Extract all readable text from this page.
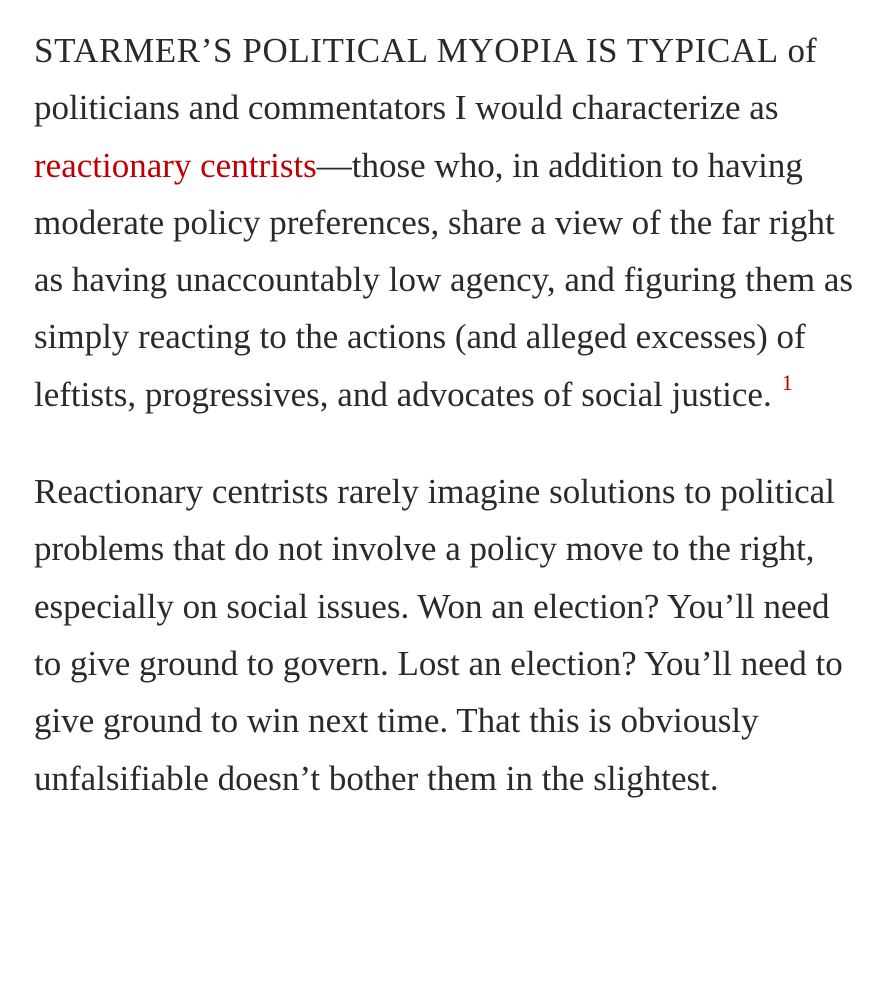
STARMER’S POLITICAL MYOPIA IS TYPICAL of politicians and commentators I would characterize as reactionary centrists—those who, in addition to having moderate policy preferences, share a view of the far right as having unaccountably low agency, and figuring them as simply reacting to the actions (and alleged excesses) of leftists, progressives, and advocates of social justice. $^1$

Reactionary centrists rarely imagine solutions to political problems that do not involve a policy move to the right, especially on social issues. Won an election? You’ll need to give ground to govern. Lost an election? You’ll need to give ground to win next time. That this is obviously unfalsifiable doesn’t bother them in the slightest.
